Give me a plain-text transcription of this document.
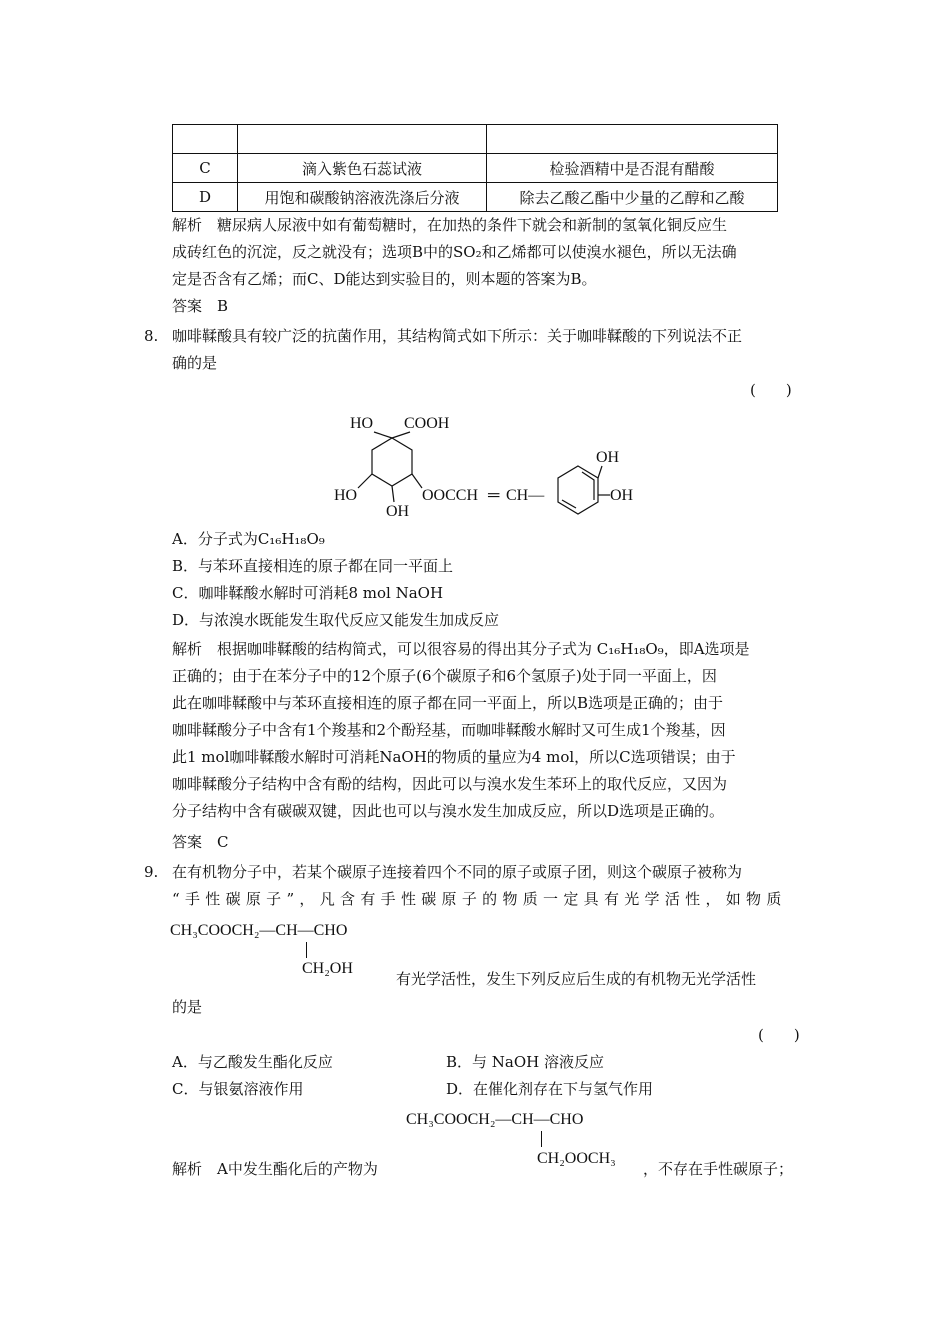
C	滴入紫色石蕊试液	检验酒精中是否混有醋酸
D	用饱和碳酸钠溶液洗涤后分液	除去乙酸乙酯中少量的乙醇和乙酸
解析　糖尿病人尿液中如有葡萄糖时，在加热的条件下就会和新制的氢氧化铜反应生
成砖红色的沉淀，反之就没有；选项B中的SO₂和乙烯都可以使溴水褪色，所以无法确
定是否含有乙烯；而C、D能达到实验目的，则本题的答案为B。
答案　B
8. 咖啡鞣酸具有较广泛的抗菌作用，其结构简式如下所示：关于咖啡鞣酸的下列说法不正
确的是
(　　)
HO COOH
HO
OH
OOCCH ═ CH—
OH
OH
A．分子式为C₁₆H₁₈O₉
B．与苯环直接相连的原子都在同一平面上
C．咖啡鞣酸水解时可消耗8 mol NaOH
D．与浓溴水既能发生取代反应又能发生加成反应
解析　根据咖啡鞣酸的结构简式，可以很容易的得出其分子式为 C₁₆H₁₈O₉，即A选项是
正确的；由于在苯分子中的12个原子(6个碳原子和6个氢原子)处于同一平面上，因
此在咖啡鞣酸中与苯环直接相连的原子都在同一平面上，所以B选项是正确的；由于
咖啡鞣酸分子中含有1个羧基和2个酚羟基，而咖啡鞣酸水解时又可生成1个羧基，因
此1 mol咖啡鞣酸水解时可消耗NaOH的物质的量应为4 mol，所以C选项错误；由于
咖啡鞣酸分子结构中含有酚的结构，因此可以与溴水发生苯环上的取代反应，又因为
分子结构中含有碳碳双键，因此也可以与溴水发生加成反应，所以D选项是正确的。
答案　C
9. 在有机物分子中，若某个碳原子连接着四个不同的原子或原子团，则这个碳原子被称为
“手性碳原子”，凡含有手性碳原子的物质一定具有光学活性，如物质
CH₃COOCH₂—CH—CHO
CH₂OH
有光学活性，发生下列反应后生成的有机物无光学活性
的是
(　　)
A．与乙酸发生酯化反应	B．与 NaOH 溶液反应
C．与银氨溶液作用	D．在催化剂存在下与氢气作用
CH₃COOCH₂—CH—CHO
CH₂OOCH₃
解析　A中发生酯化后的产物为	，不存在手性碳原子；
